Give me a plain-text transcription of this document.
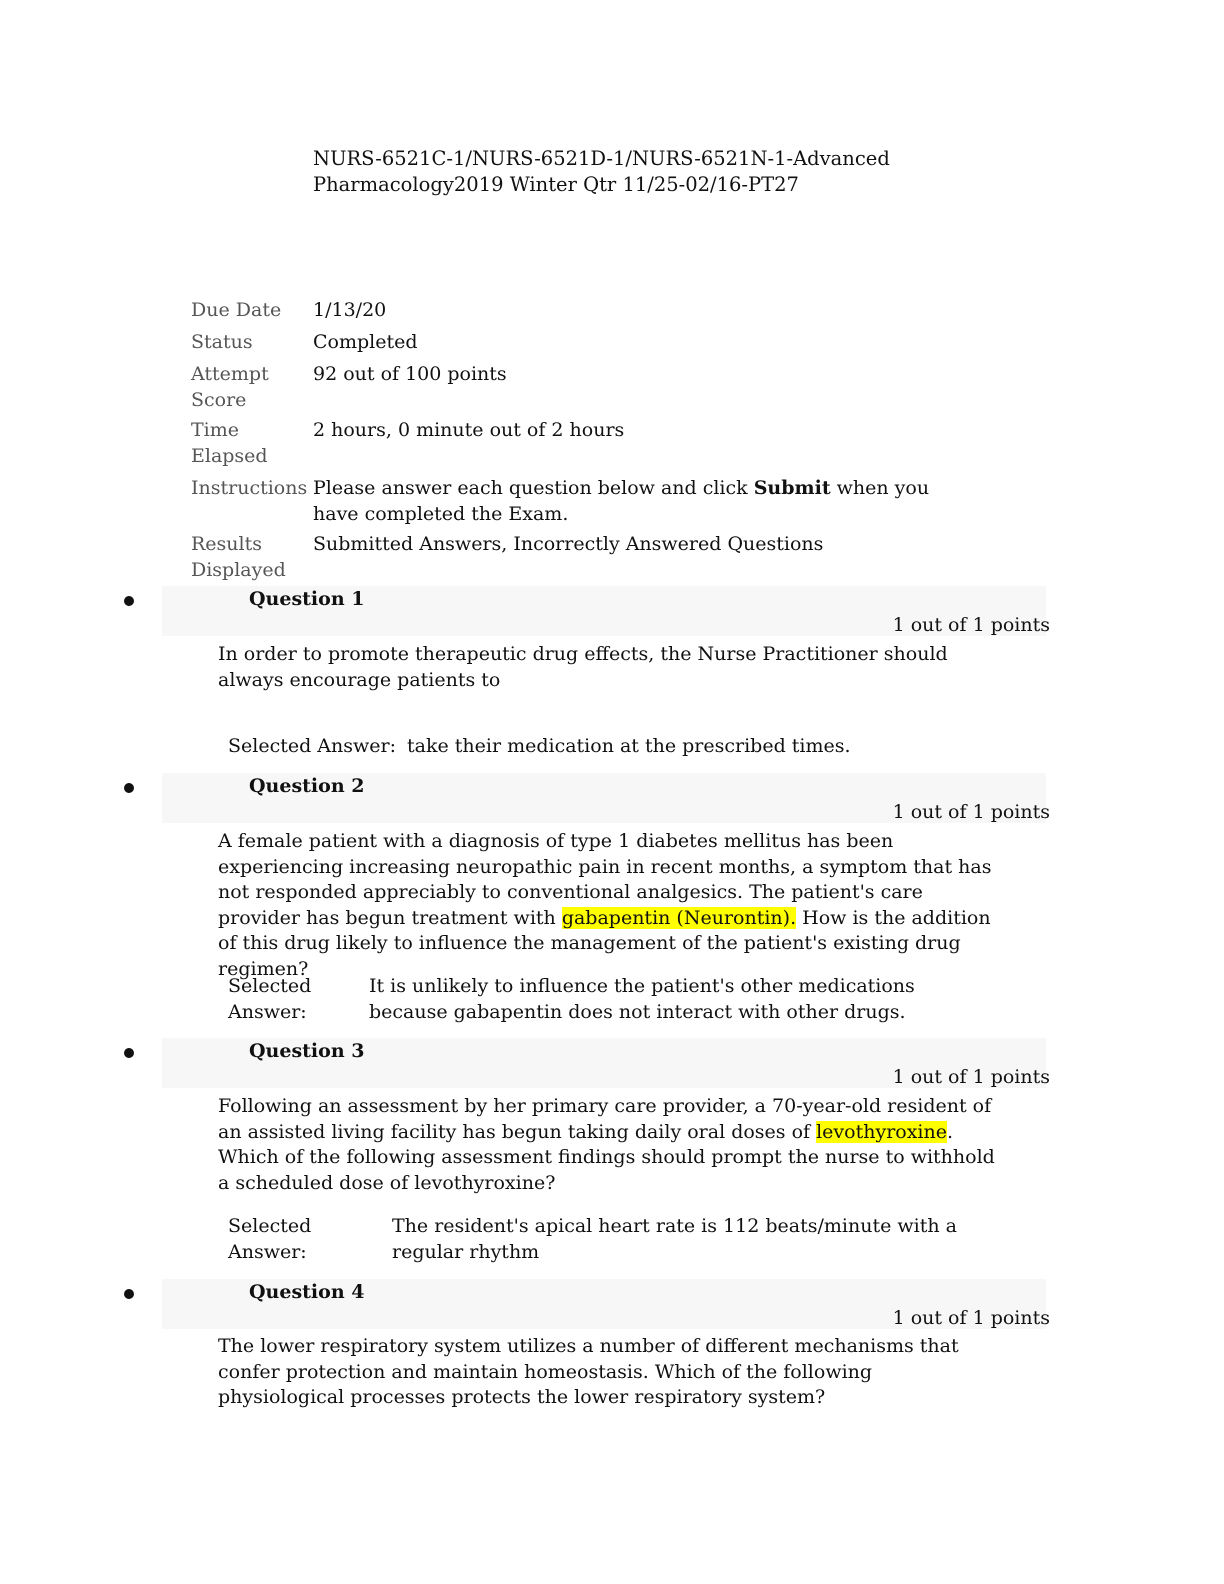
NURS-6521C-1/NURS-6521D-1/NURS-6521N-1-Advanced Pharmacology2019 Winter Qtr 11/25-02/16-PT27
Due Date	1/13/20
Status	Completed
Attempt Score
92 out of 100 points
Time Elapsed
2 hours, 0 minute out of 2 hours
Instructions Please answer each question below and click Submit when you have completed the Exam.
Results Displayed
Submitted Answers, Incorrectly Answered Questions
Question 1
1 out of 1 points
In order to promote therapeutic drug effects, the Nurse Practitioner should always encourage patients to
Selected Answer: take their medication at the prescribed times.
Question 2
1 out of 1 points
A female patient with a diagnosis of type 1 diabetes mellitus has been experiencing increasing neuropathic pain in recent months, a symptom that has not responded appreciably to conventional analgesics. The patient's care provider has begun treatment with gabapentin (Neurontin). How is the addition of this drug likely to influence the management of the patient's existing drug regimen?
Selected
Answer:
It is unlikely to influence the patient's other medications because gabapentin does not interact with other drugs.
Question 3
1 out of 1 points
Following an assessment by her primary care provider, a 70-year-old resident of an assisted living facility has begun taking daily oral doses of levothyroxine. Which of the following assessment findings should prompt the nurse to withhold a scheduled dose of levothyroxine?
Selected
Answer:
The resident's apical heart rate is 112 beats/minute with a regular rhythm
Question 4
1 out of 1 points
The lower respiratory system utilizes a number of different mechanisms that confer protection and maintain homeostasis. Which of the following physiological processes protects the lower respiratory system?
